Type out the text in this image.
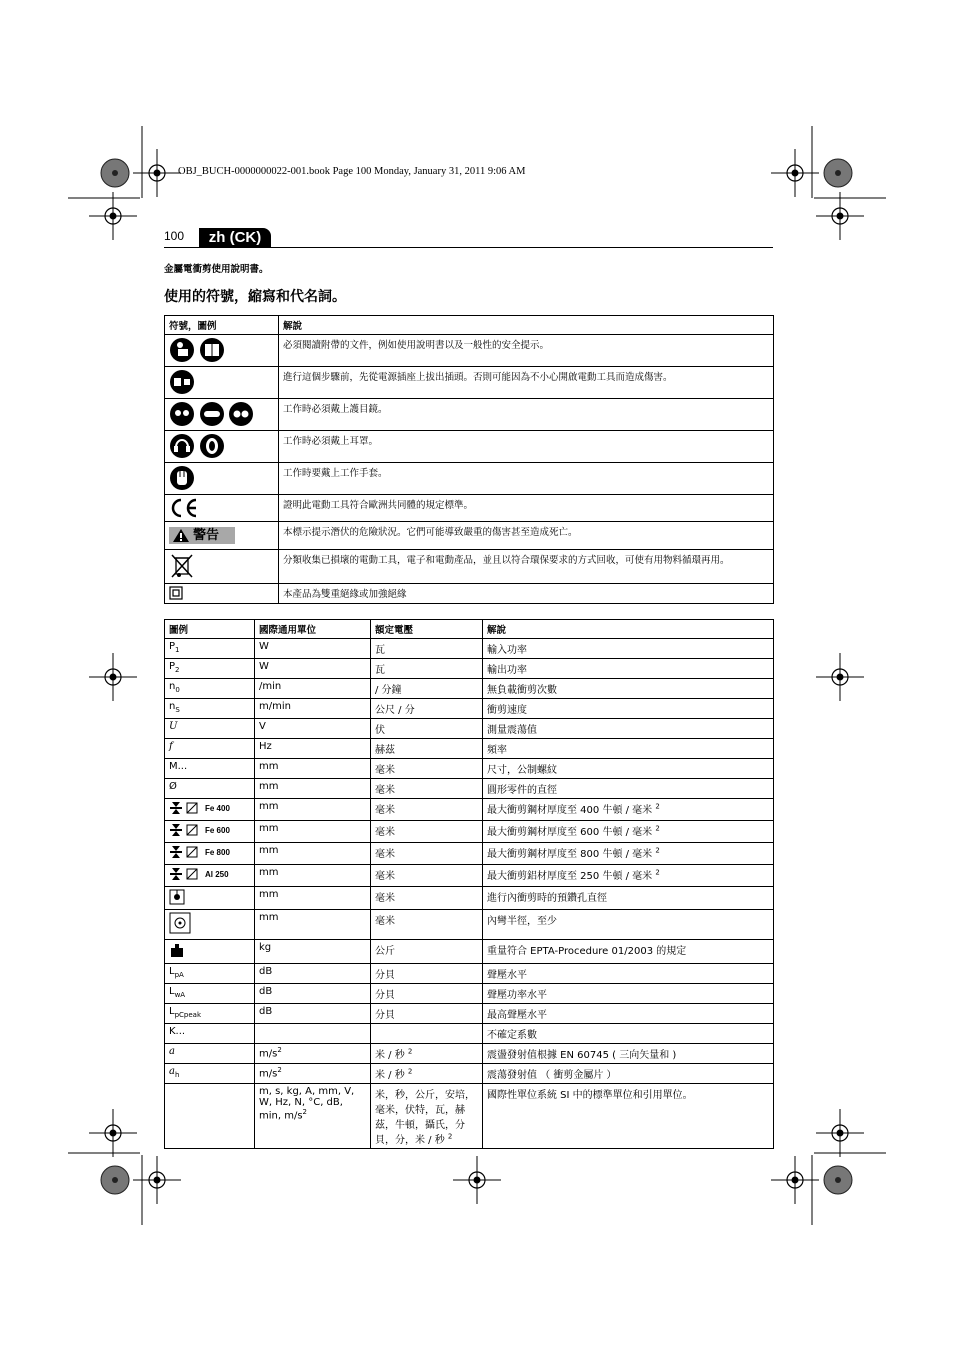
OBJ_BUCH-0000000022-001.book Page 100 Monday, January 31, 2011 9:06 AM
100	zh (CK)
金屬電衝剪使用說明書。
使用的符號，縮寫和代名詞。
符號，圖例	解說
	必須閱讀附帶的文件，例如使用說明書以及一般性的安全提示。
	進行這個步驟前，先從電源插座上拔出插頭。否則可能因為不小心開啟電動工具而造成傷害。
	工作時必須戴上護目鏡。
	工作時必須戴上耳罩。
	工作時要戴上工作手套。
	證明此電動工具符合歐洲共同體的規定標準。

警告	本標示提示潛伏的危險狀況。它們可能導致嚴重的傷害甚至造成死亡。
	分類收集已損壞的電動工具，電子和電動產品，並且以符合環保要求的方式回收，可使有用物料循環再用。
	本產品為雙重絕緣或加強絕緣
圖例	國際通用單位	額定電壓	解說
$P_1$	W	瓦	輸入功率
$P_2$	W	瓦	輸出功率
$n_0$	/min	/ 分鐘	無負載衝剪次數
$n_S$	m/min	公尺 / 分	衝剪速度
U	V	伏	測量震蕩值
f	Hz	赫茲	頻率
M...	mm	毫米	尺寸，公制螺紋
Ø	mm	毫米	圓形零件的直徑
Fe 400	mm	毫米	最大衝剪鋼材厚度至 400 牛頓 / 毫米 $^2$
Fe 600	mm	毫米	最大衝剪鋼材厚度至 600 牛頓 / 毫米 $^2$
Fe 800	mm	毫米	最大衝剪鋼材厚度至 800 牛頓 / 毫米 $^2$
Al 250	mm	毫米	最大衝剪鋁材厚度至 250 牛頓 / 毫米 $^2$
	mm	毫米	進行內衝剪時的預鑽孔直徑
	mm	毫米	內彎半徑，至少
	kg	公斤	重量符合 EPTA-Procedure 01/2003 的規定
$L_{pA}$	dB	分貝	聲壓水平
$L_{wA}$	dB	分貝	聲壓功率水平
$L_{pCpeak}$	dB	分貝	最高聲壓水平
K...			不確定系數
a	$m/s^2$	米 / 秒 $^2$	震盪發射值根據 EN 60745 ( 三向矢量和 )
$a_h$	$m/s^2$	米 / 秒 $^2$	震蕩發射值 （ 衝剪金屬片 ）
	m, s, kg, A, mm, V, W, Hz, N, °C, dB, min, $m/s^2$	米，秒，公斤，安培，毫米，伏特，瓦，赫茲，牛頓，攝氏，分貝，分，米 / 秒 $^2$	國際性單位系統 SI 中的標準單位和引用單位。
